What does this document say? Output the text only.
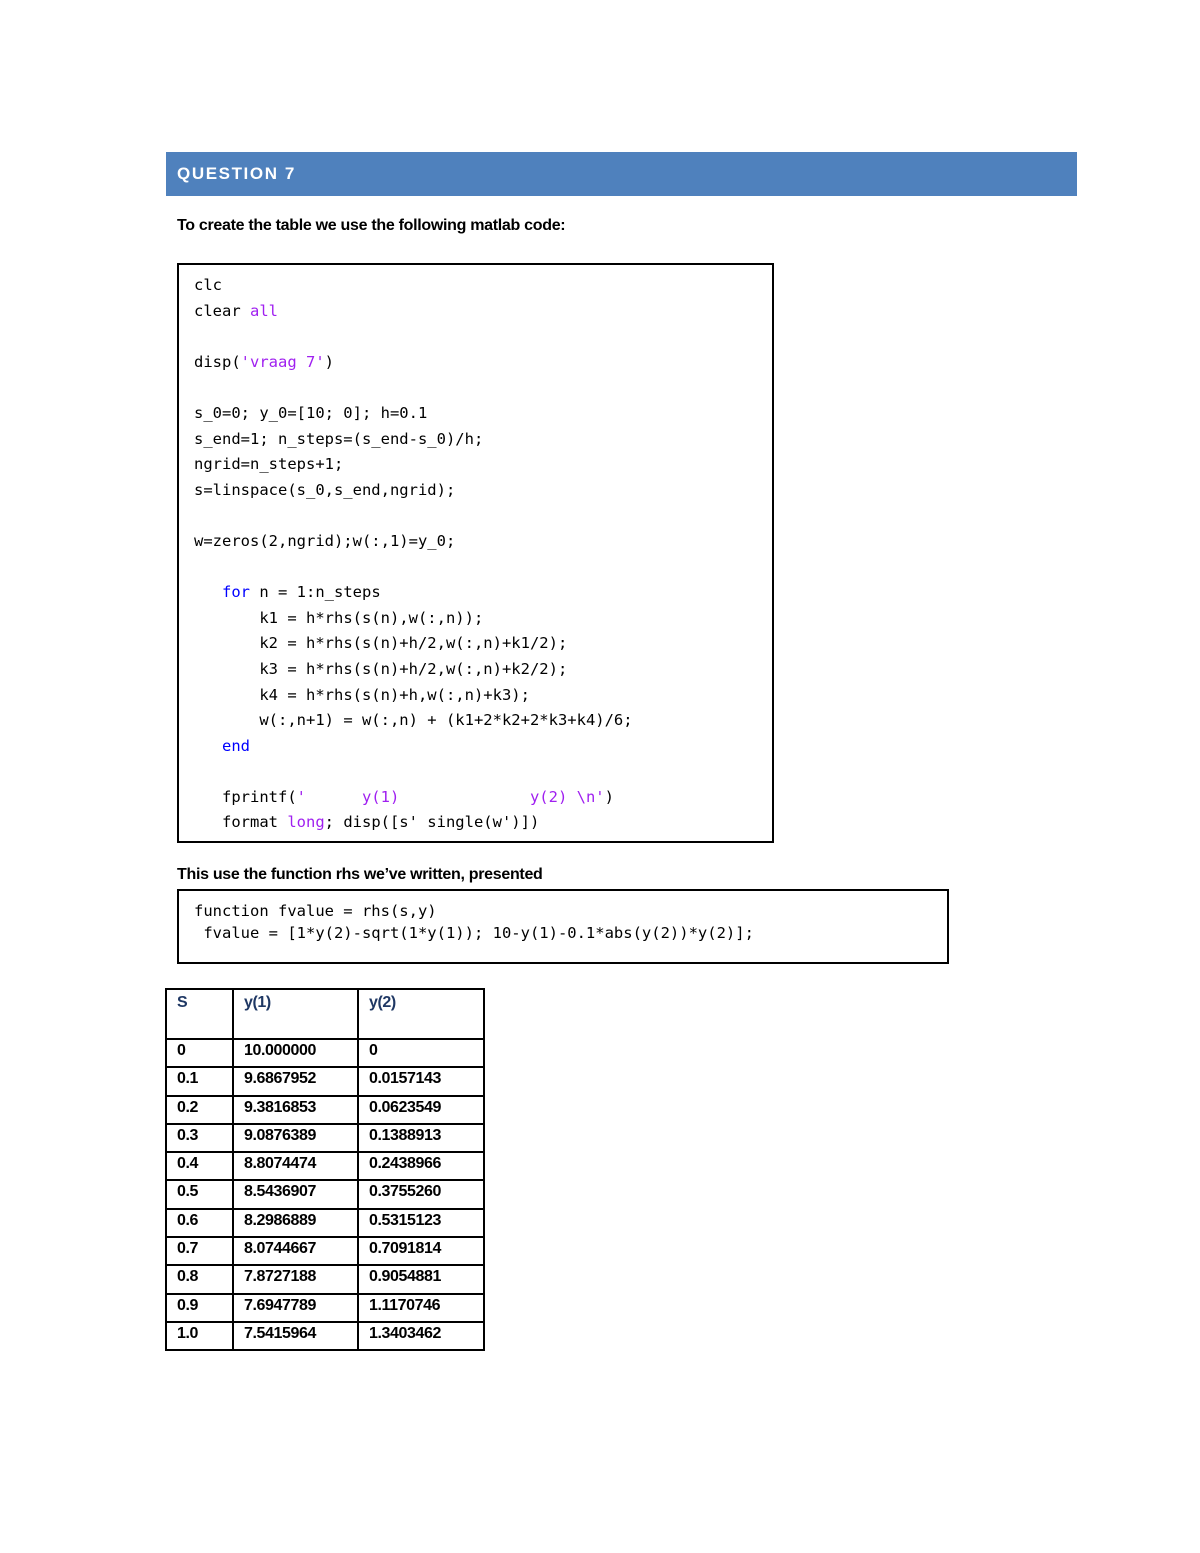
QUESTION 7
To create the table we use the following matlab code:
clc
clear all

disp('vraag 7')

s_0=0; y_0=[10; 0]; h=0.1
s_end=1; n_steps=(s_end-s_0)/h;
ngrid=n_steps+1;
s=linspace(s_0,s_end,ngrid);

w=zeros(2,ngrid);w(:,1)=y_0;

for n = 1:n_steps
k1 = h*rhs(s(n),w(:,n));
k2 = h*rhs(s(n)+h/2,w(:,n)+k1/2);
k3 = h*rhs(s(n)+h/2,w(:,n)+k2/2);
k4 = h*rhs(s(n)+h,w(:,n)+k3);
w(:,n+1) = w(:,n) + (k1+2*k2+2*k3+k4)/6;
end

fprintf('      y(1)              y(2) \n')
format long; disp([s' single(w')])
This use the function rhs we’ve written, presented
function fvalue = rhs(s,y)
fvalue = [1*y(2)-sqrt(1*y(1)); 10-y(1)-0.1*abs(y(2))*y(2)];
S	y(1)	y(2)
0	10.000000	0
0.1	9.6867952	0.0157143
0.2	9.3816853	0.0623549
0.3	9.0876389	0.1388913
0.4	8.8074474	0.2438966
0.5	8.5436907	0.3755260
0.6	8.2986889	0.5315123
0.7	8.0744667	0.7091814
0.8	7.8727188	0.9054881
0.9	7.6947789	1.1170746
1.0	7.5415964	1.3403462
